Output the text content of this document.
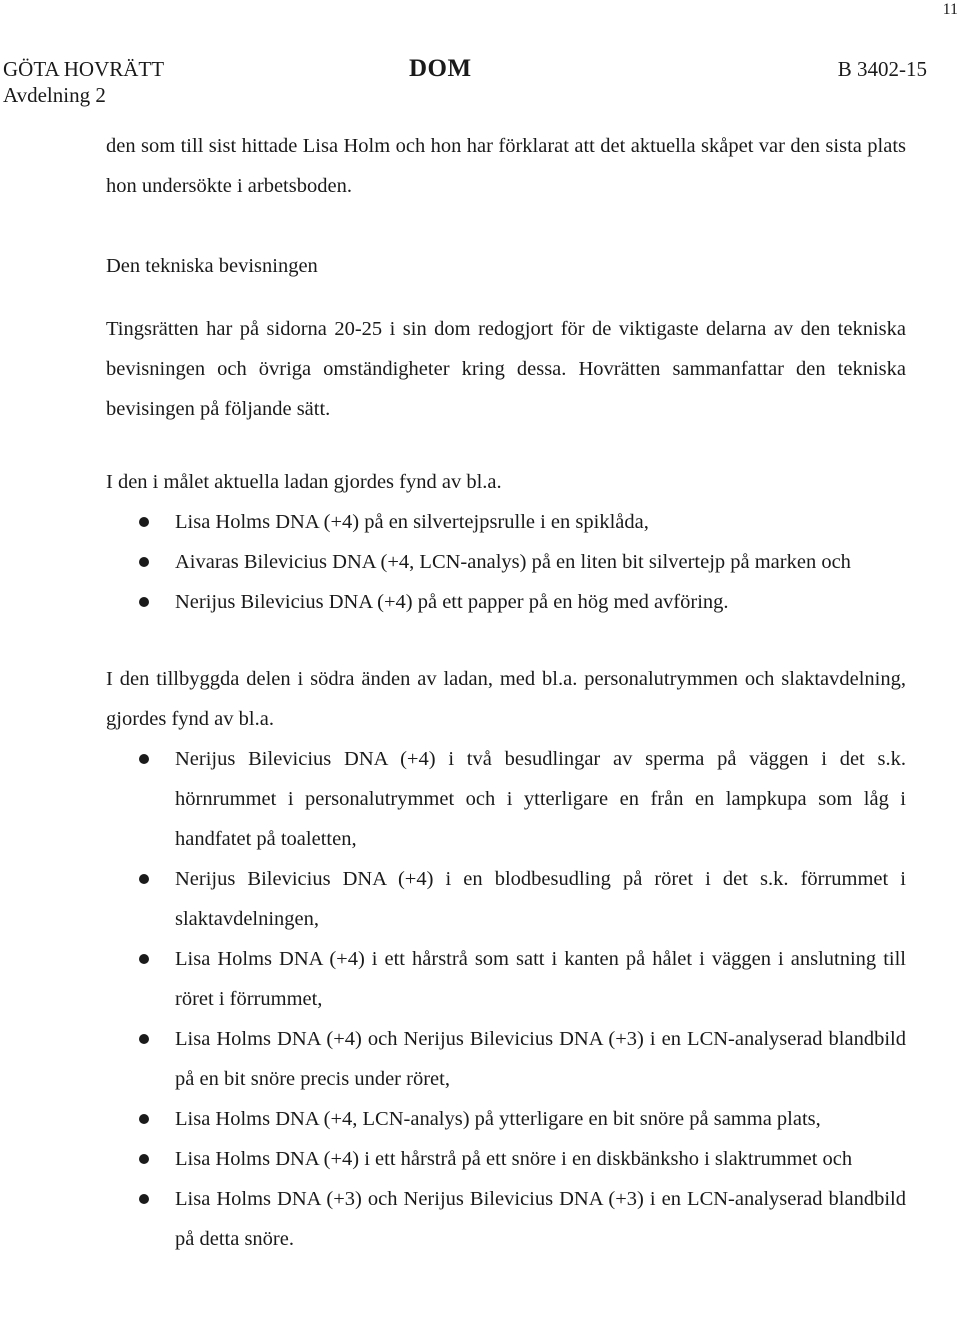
11
GÖTA HOVRÄTT
Avdelning 2
DOM	B 3402-15

den som till sist hittade Lisa Holm och hon har förklarat att det aktuella skåpet var den sista plats hon undersökte i arbetsboden.

Den tekniska bevisningen

Tingsrätten har på sidorna 20-25 i sin dom redogjort för de viktigaste delarna av den tekniska bevisningen och övriga omständigheter kring dessa. Hovrätten sammanfattar den tekniska bevisingen på följande sätt.

I den i målet aktuella ladan gjordes fynd av bl.a.

Lisa Holms DNA (+4) på en silvertejpsrulle i en spiklåda,
Aivaras Bilevicius DNA (+4, LCN-analys) på en liten bit silvertejp på marken och
Nerijus Bilevicius DNA (+4) på ett papper på en hög med avföring.

I den tillbyggda delen i södra änden av ladan, med bl.a. personalutrymmen och slaktavdelning, gjordes fynd av bl.a.

Nerijus Bilevicius DNA (+4) i två besudlingar av sperma på väggen i det s.k. hörnrummet i personalutrymmet och i ytterligare en från en lampkupa som låg i handfatet på toaletten,
Nerijus Bilevicius DNA (+4) i en blodbesudling på röret i det s.k. förrummet i slaktavdelningen,
Lisa Holms DNA (+4) i ett hårstrå som satt i kanten på hålet i väggen i anslutning till röret i förrummet,
Lisa Holms DNA (+4) och Nerijus Bilevicius DNA (+3) i en LCN-analyserad blandbild på en bit snöre precis under röret,
Lisa Holms DNA (+4, LCN-analys) på ytterligare en bit snöre på samma plats,
Lisa Holms DNA (+4) i ett hårstrå på ett snöre i en diskbänksho i slaktrummet och
Lisa Holms DNA (+3) och Nerijus Bilevicius DNA (+3) i en LCN-analyserad blandbild på detta snöre.
